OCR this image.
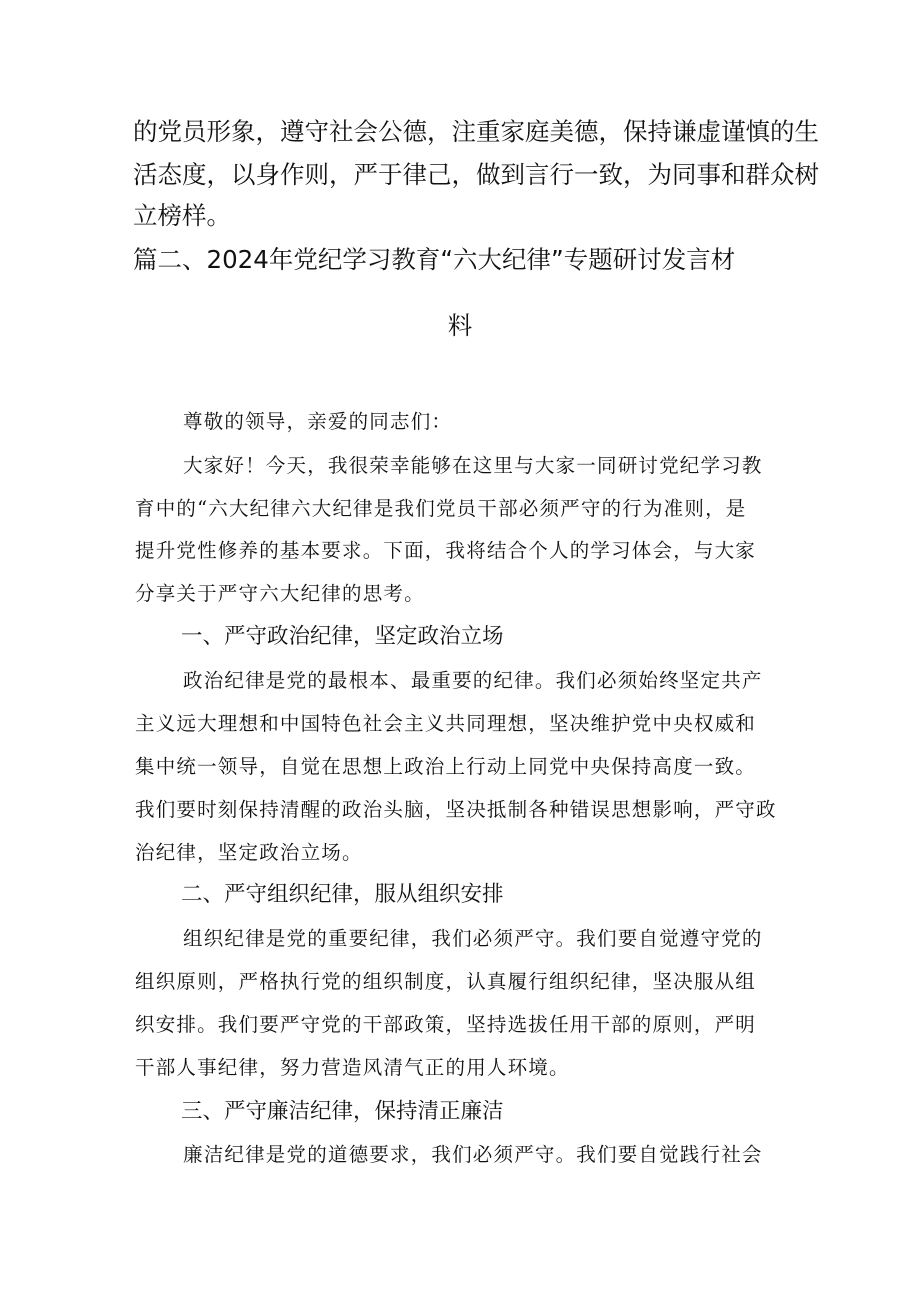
的党员形象，遵守社会公德，注重家庭美德，保持谦虚谨慎的生

活态度，以身作则，严于律己，做到言行一致，为同事和群众树

立榜样。

篇二、2024年党纪学习教育“六大纪律”专题研讨发言材

料

尊敬的领导，亲爱的同志们：

大家好！今天，我很荣幸能够在这里与大家一同研讨党纪学习教

育中的“六大纪律六大纪律是我们党员干部必须严守的行为准则，是

提升党性修养的基本要求。下面，我将结合个人的学习体会，与大家

分享关于严守六大纪律的思考。

一、严守政治纪律，坚定政治立场

政治纪律是党的最根本、最重要的纪律。我们必须始终坚定共产

主义远大理想和中国特色社会主义共同理想，坚决维护党中央权威和

集中统一领导，自觉在思想上政治上行动上同党中央保持高度一致。

我们要时刻保持清醒的政治头脑，坚决抵制各种错误思想影响，严守政

治纪律，坚定政治立场。

二、严守组织纪律，服从组织安排

组织纪律是党的重要纪律，我们必须严守。我们要自觉遵守党的

组织原则，严格执行党的组织制度，认真履行组织纪律，坚决服从组

织安排。我们要严守党的干部政策，坚持选拔任用干部的原则，严明

干部人事纪律，努力营造风清气正的用人环境。

三、严守廉洁纪律，保持清正廉洁

廉洁纪律是党的道德要求，我们必须严守。我们要自觉践行社会
